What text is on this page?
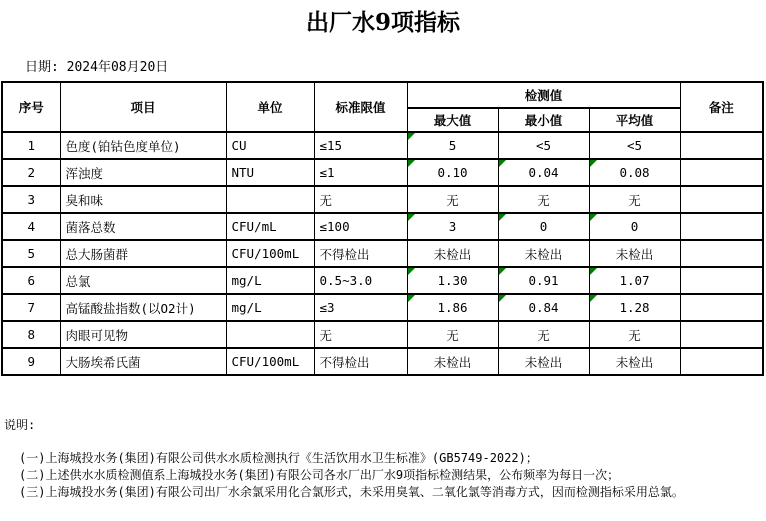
出厂水9项指标
日期: 2024年08月20日
序号	项目	单位	标准限值	检测值			备注
				最大值	最小值	平均值	
1	色度(铂钴色度单位)	CU	≤15	5	<5	<5	
2	浑浊度	NTU	≤1	0.10	0.04	0.08	
3	臭和味		无	无	无	无	
4	菌落总数	CFU/mL	≤100	3	0	0	
5	总大肠菌群	CFU/100mL	不得检出	未检出	未检出	未检出	
6	总氯	mg/L	0.5~3.0	1.30	0.91	1.07	
7	高锰酸盐指数(以O2计)	mg/L	≤3	1.86	0.84	1.28	
8	肉眼可见物		无	无	无	无	
9	大肠埃希氏菌	CFU/100mL	不得检出	未检出	未检出	未检出	
说明:
(一)上海城投水务(集团)有限公司供水水质检测执行《生活饮用水卫生标准》(GB5749-2022)；
(二)上述供水水质检测值系上海城投水务(集团)有限公司各水厂出厂水9项指标检测结果，公布频率为每日一次；
(三)上海城投水务(集团)有限公司出厂水余氯采用化合氯形式，未采用臭氧、二氧化氯等消毒方式，因而检测指标采用总氯。
